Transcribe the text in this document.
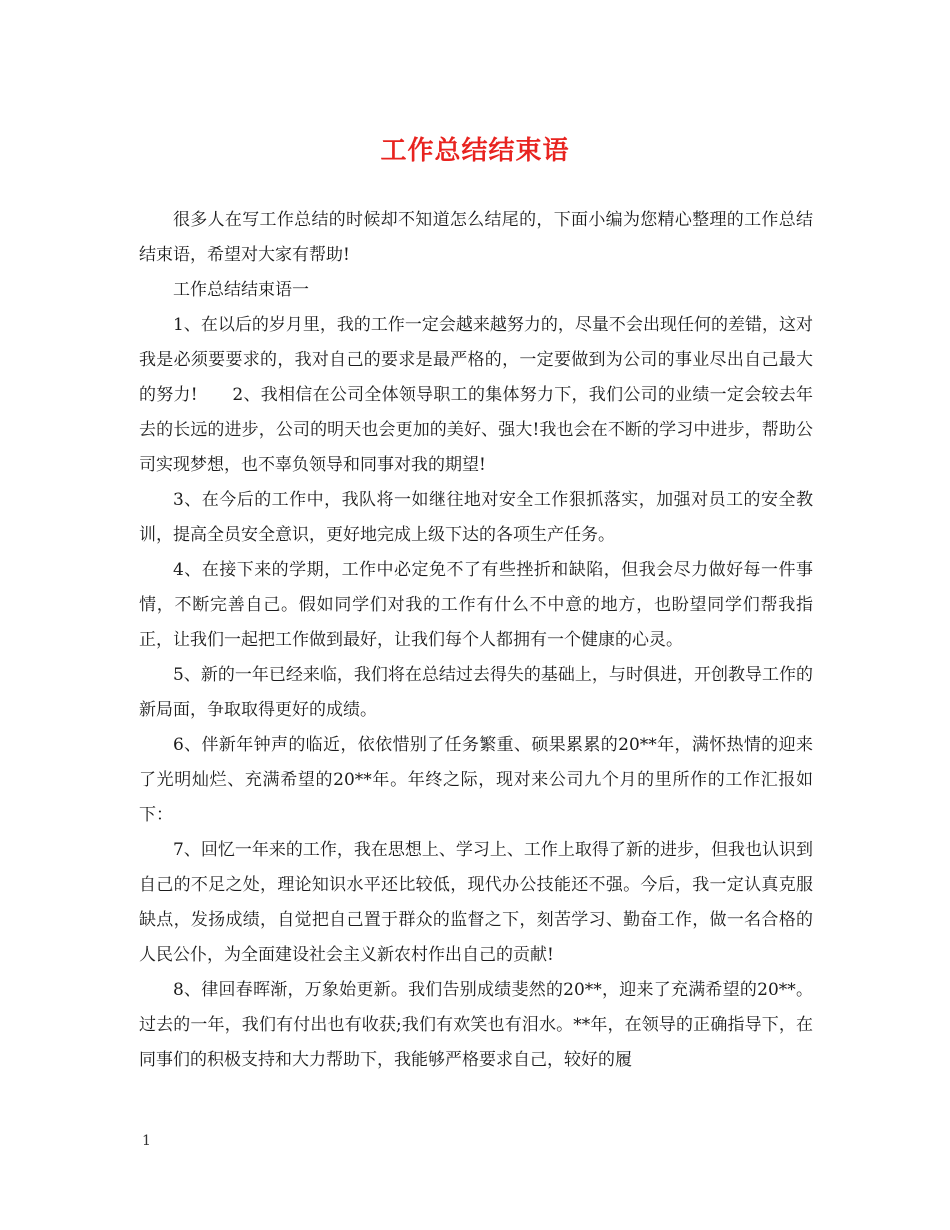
工作总结结束语

很多人在写工作总结的时候却不知道怎么结尾的，下面小编为您精心整理的工作总结结束语，希望对大家有帮助!

工作总结结束语一

1、在以后的岁月里，我的工作一定会越来越努力的，尽量不会出现任何的差错，这对我是必须要要求的，我对自己的要求是最严格的，一定要做到为公司的事业尽出自己最大的努力!　　2、我相信在公司全体领导职工的集体努力下，我们公司的业绩一定会较去年去的长远的进步，公司的明天也会更加的美好、强大!我也会在不断的学习中进步，帮助公司实现梦想，也不辜负领导和同事对我的期望!

3、在今后的工作中，我队将一如继往地对安全工作狠抓落实，加强对员工的安全教训，提高全员安全意识，更好地完成上级下达的各项生产任务。

4、在接下来的学期，工作中必定免不了有些挫折和缺陷，但我会尽力做好每一件事情，不断完善自己。假如同学们对我的工作有什么不中意的地方，也盼望同学们帮我指正，让我们一起把工作做到最好，让我们每个人都拥有一个健康的心灵。

5、新的一年已经来临，我们将在总结过去得失的基础上，与时俱进，开创教导工作的新局面，争取取得更好的成绩。

6、伴新年钟声的临近，依依惜别了任务繁重、硕果累累的20**年，满怀热情的迎来了光明灿烂、充满希望的20**年。年终之际，现对来公司九个月的里所作的工作汇报如下：

7、回忆一年来的工作，我在思想上、学习上、工作上取得了新的进步，但我也认识到自己的不足之处，理论知识水平还比较低，现代办公技能还不强。今后，我一定认真克服缺点，发扬成绩，自觉把自己置于群众的监督之下，刻苦学习、勤奋工作，做一名合格的人民公仆，为全面建设社会主义新农村作出自己的贡献!

8、律回春晖渐，万象始更新。我们告别成绩斐然的20**，迎来了充满希望的20**。过去的一年，我们有付出也有收获;我们有欢笑也有泪水。**年，在领导的正确指导下，在同事们的积极支持和大力帮助下，我能够严格要求自己，较好的履

1
